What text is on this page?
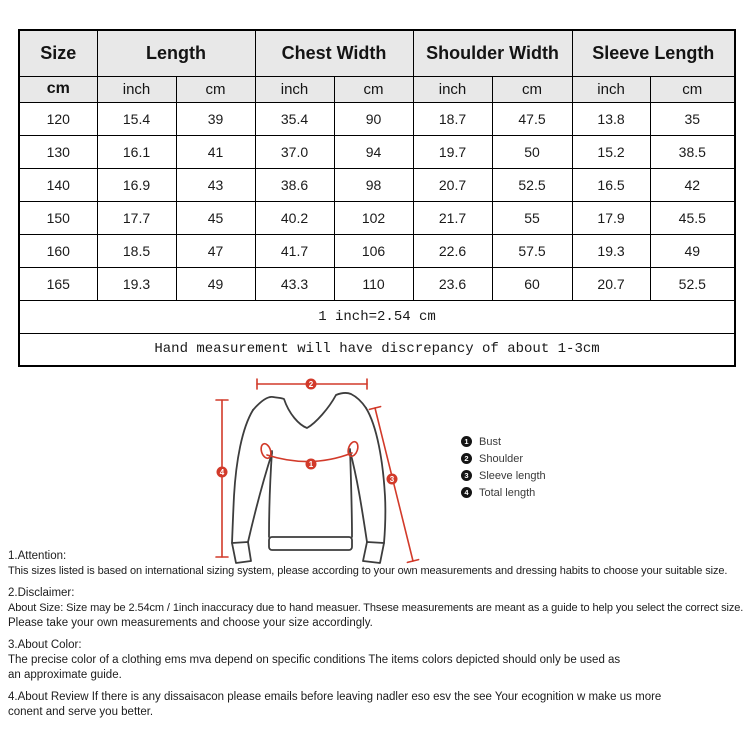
Size	Length		Chest Width		Shoulder Width		Sleeve Length	
cm	inch	cm	inch	cm	inch	cm	inch	cm
120	15.4	39	35.4	90	18.7	47.5	13.8	35
130	16.1	41	37.0	94	19.7	50	15.2	38.5
140	16.9	43	38.6	98	20.7	52.5	16.5	42
150	17.7	45	40.2	102	21.7	55	17.9	45.5
160	18.5	47	41.7	106	22.6	57.5	19.3	49
165	19.3	49	43.3	110	23.6	60	20.7	52.5
1 inch=2.54 cm								
Hand measurement will have discrepancy of about 1-3cm								
2
4
3
1
1 Bust
2 Shoulder
3 Sleeve length
4 Total length
1.Attention:
This sizes listed is based on international sizing system, please according to your own measurements and dressing habits to choose your suitable size.
2.Disclaimer:
About Size: Size may be 2.54cm / 1inch inaccuracy due to hand measuer. Thsese measurements are meant as a guide to help you select the correct size.
Please take your own measurements and choose your size accordingly.
3.About Color:
The precise color of a clothing ems mva depend on specific conditions The items colors depicted should only be used as
an approximate guide.
4.About Review If there is any dissaisacon please emails before leaving nadler eso esv the see Your ecognition w make us more
conent and serve you better.
